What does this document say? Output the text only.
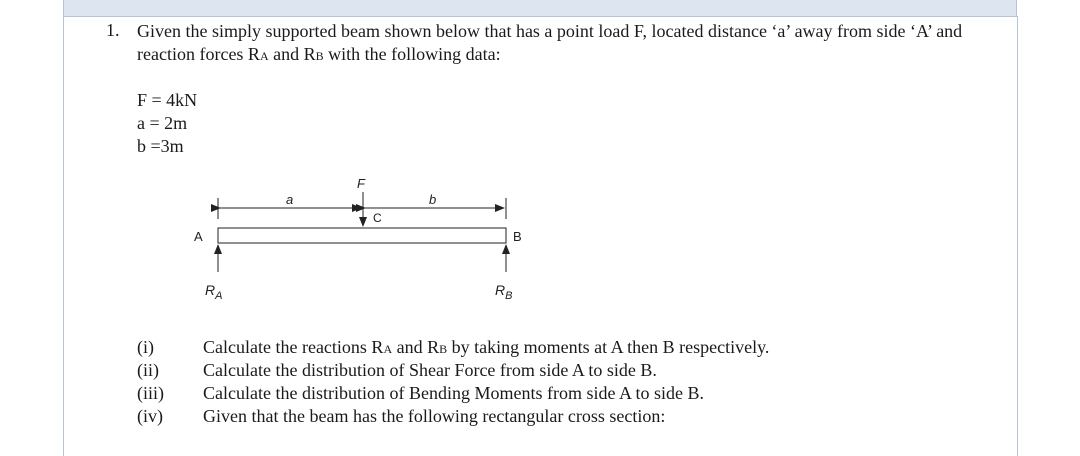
1. Given the simply supported beam shown below that has a point load F, located distance ‘a’ away from side ‘A’ and reaction forces RA and RB with the following data:
F = 4kN
a = 2m
b =3m
F
a	b
C
A	B
$R_A$	$R_B$
(i)	Calculate the reactions RA and RB by taking moments at A then B respectively.
(ii) Calculate the distribution of Shear Force from side A to side B.
(iii) Calculate the distribution of Bending Moments from side A to side B.
(iv) Given that the beam has the following rectangular cross section:
